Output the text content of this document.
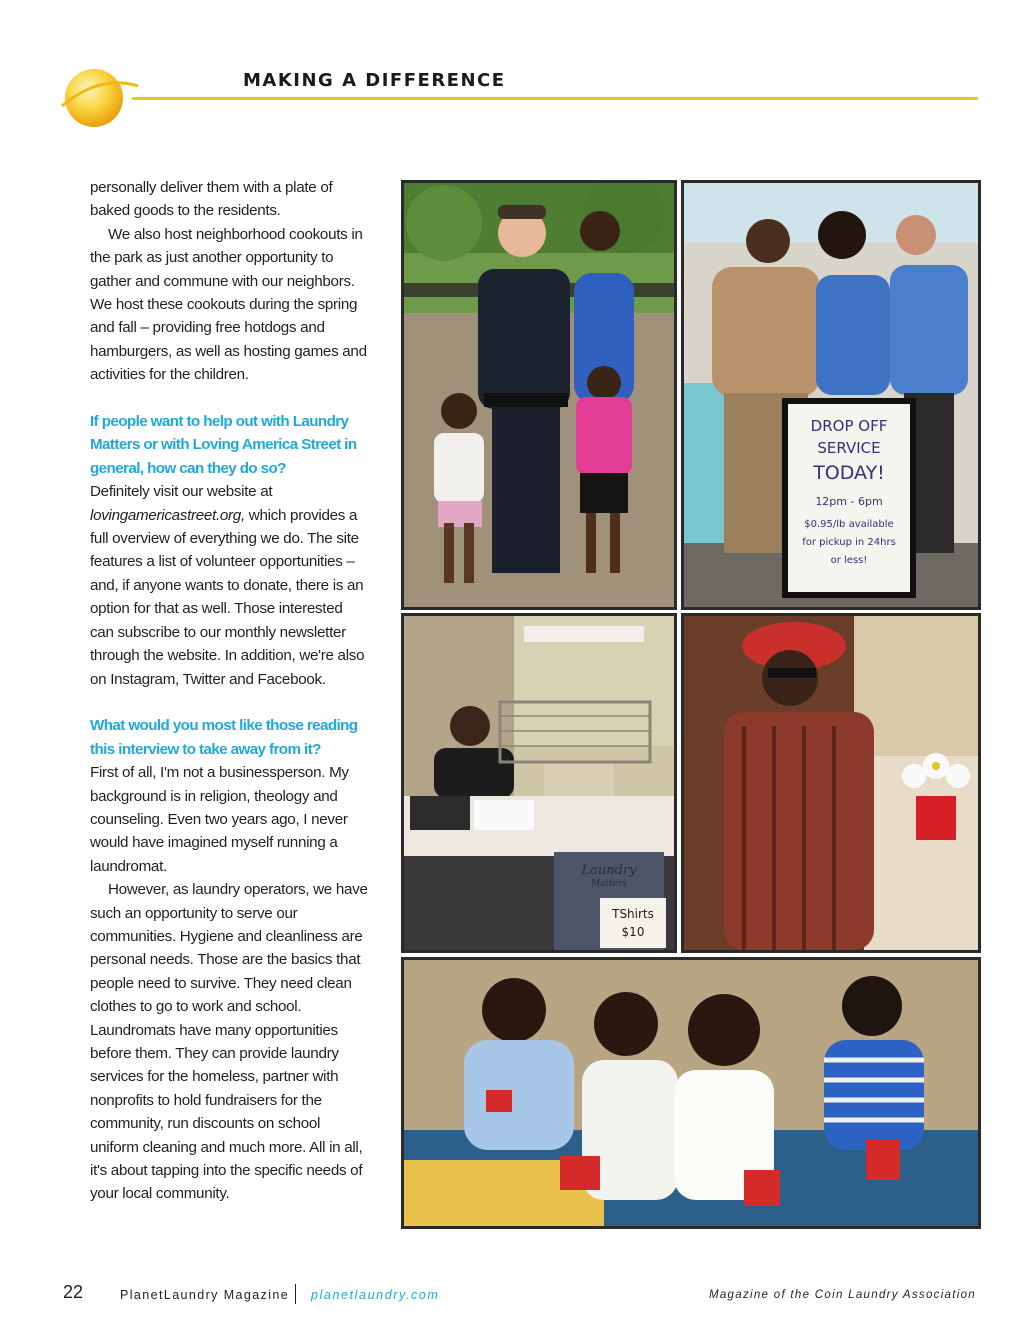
MAKING A DIFFERENCE

personally deliver them with a plate of baked goods to the residents.

We also host neighborhood cookouts in the park as just another opportunity to gather and commune with our neighbors. We host these cookouts during the spring and fall – providing free hotdogs and hamburgers, as well as hosting games and activities for the children.

If people want to help out with Laundry Matters or with Loving America Street in general, how can they do so?

Definitely visit our website at lovingamericastreet.org, which provides a full overview of everything we do. The site features a list of volunteer opportunities – and, if anyone wants to donate, there is an option for that as well. Those interested can subscribe to our monthly newsletter through the website. In addition, we're also on Instagram, Twitter and Facebook.

What would you most like those reading this interview to take away from it?

First of all, I'm not a businessperson. My background is in religion, theology and counseling. Even two years ago, I never would have imagined myself running a laundromat.

However, as laundry operators, we have such an opportunity to serve our communities. Hygiene and cleanliness are personal needs. Those are the basics that people need to survive. They need clean clothes to go to work and school. Laundromats have many opportunities before them. They can provide laundry services for the homeless, partner with nonprofits to hold fundraisers for the community, run discounts on school uniform cleaning and much more. All in all, it's about tapping into the specific needs of your local community.

DROP OFF
SERVICE
TODAY!
12pm - 6pm
$0.95/lb available
for pickup in 24hrs
or less!
Laundry
Matters
TShirts
$10
22	PlanetLaundry Magazine planetlaundry.com	Magazine of the Coin Laundry Association
